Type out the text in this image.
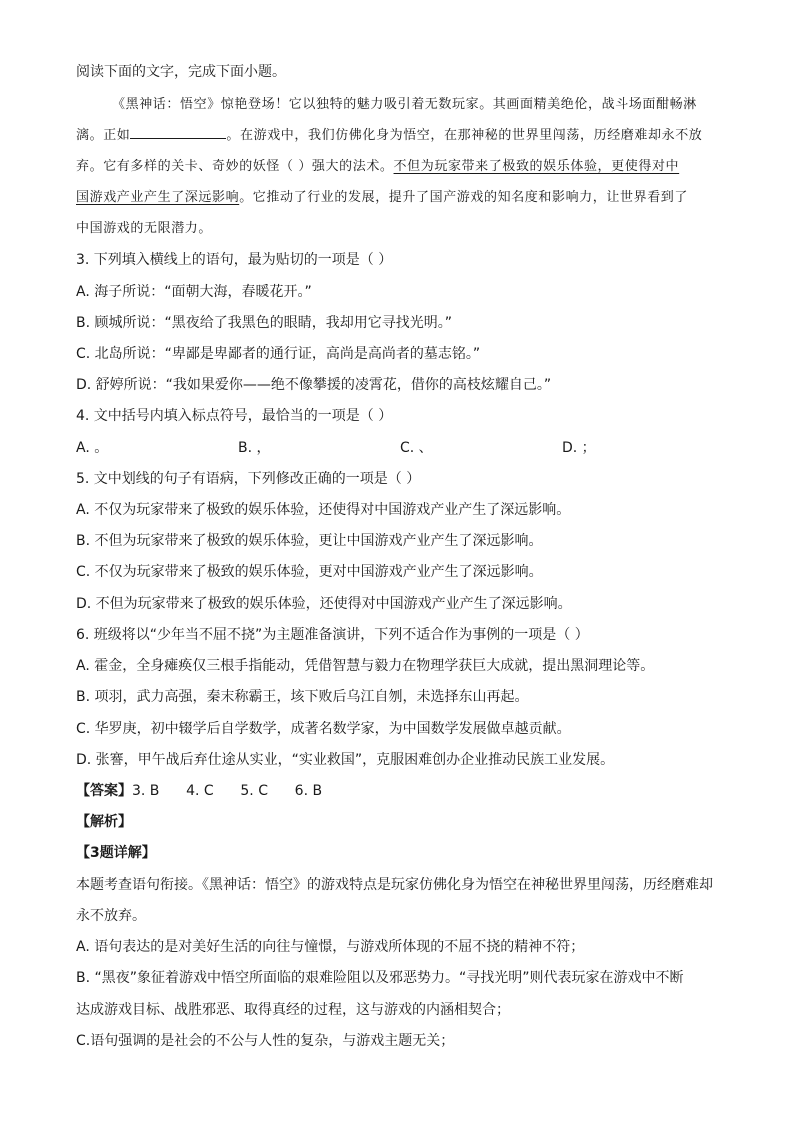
阅读下面的文字，完成下面小题。
《黑神话：悟空》惊艳登场！它以独特的魅力吸引着无数玩家。其画面精美绝伦，战斗场面酣畅淋
漓。正如	。在游戏中，我们仿佛化身为悟空，在那神秘的世界里闯荡，历经磨难却永不放
弃。它有多样的关卡、奇妙的妖怪（ ）强大的法术。不但为玩家带来了极致的娱乐体验，更使得对中
国游戏产业产生了深远影响。它推动了行业的发展，提升了国产游戏的知名度和影响力，让世界看到了
中国游戏的无限潜力。
3. 下列填入横线上的语句，最为贴切的一项是（ ）
A. 海子所说：“面朝大海，春暖花开。”
B. 顾城所说：“黑夜给了我黑色的眼睛，我却用它寻找光明。”
C. 北岛所说：“卑鄙是卑鄙者的通行证，高尚是高尚者的墓志铭。”
D. 舒婷所说：“我如果爱你——绝不像攀援的凌霄花，借你的高枝炫耀自己。”
4. 文中括号内填入标点符号，最恰当的一项是（ ）
A. 。	B. ，	C. 、	D. ；
5. 文中划线的句子有语病，下列修改正确的一项是（ ）
A. 不仅为玩家带来了极致的娱乐体验，还使得对中国游戏产业产生了深远影响。
B. 不但为玩家带来了极致的娱乐体验，更让中国游戏产业产生了深远影响。
C. 不仅为玩家带来了极致的娱乐体验，更对中国游戏产业产生了深远影响。
D. 不但为玩家带来了极致的娱乐体验，还使得对中国游戏产业产生了深远影响。
6. 班级将以“少年当不屈不挠”为主题准备演讲，下列不适合作为事例的一项是（ ）
A. 霍金，全身瘫痪仅三根手指能动，凭借智慧与毅力在物理学获巨大成就，提出黑洞理论等。
B. 项羽，武力高强，秦末称霸王，垓下败后乌江自刎，未选择东山再起。
C. 华罗庚，初中辍学后自学数学，成著名数学家，为中国数学发展做卓越贡献。
D. 张謇，甲午战后弃仕途从实业，“实业救国”，克服困难创办企业推动民族工业发展。
【答案】3. B      4. C      5. C      6. B
【解析】
【3题详解】
本题考查语句衔接。《黑神话：悟空》的游戏特点是玩家仿佛化身为悟空在神秘世界里闯荡，历经磨难却
永不放弃。
A. 语句表达的是对美好生活的向往与憧憬，与游戏所体现的不屈不挠的精神不符；
B. “黑夜”象征着游戏中悟空所面临的艰难险阻以及邪恶势力。“寻找光明”则代表玩家在游戏中不断
达成游戏目标、战胜邪恶、取得真经的过程，这与游戏的内涵相契合；
C.语句强调的是社会的不公与人性的复杂，与游戏主题无关；
